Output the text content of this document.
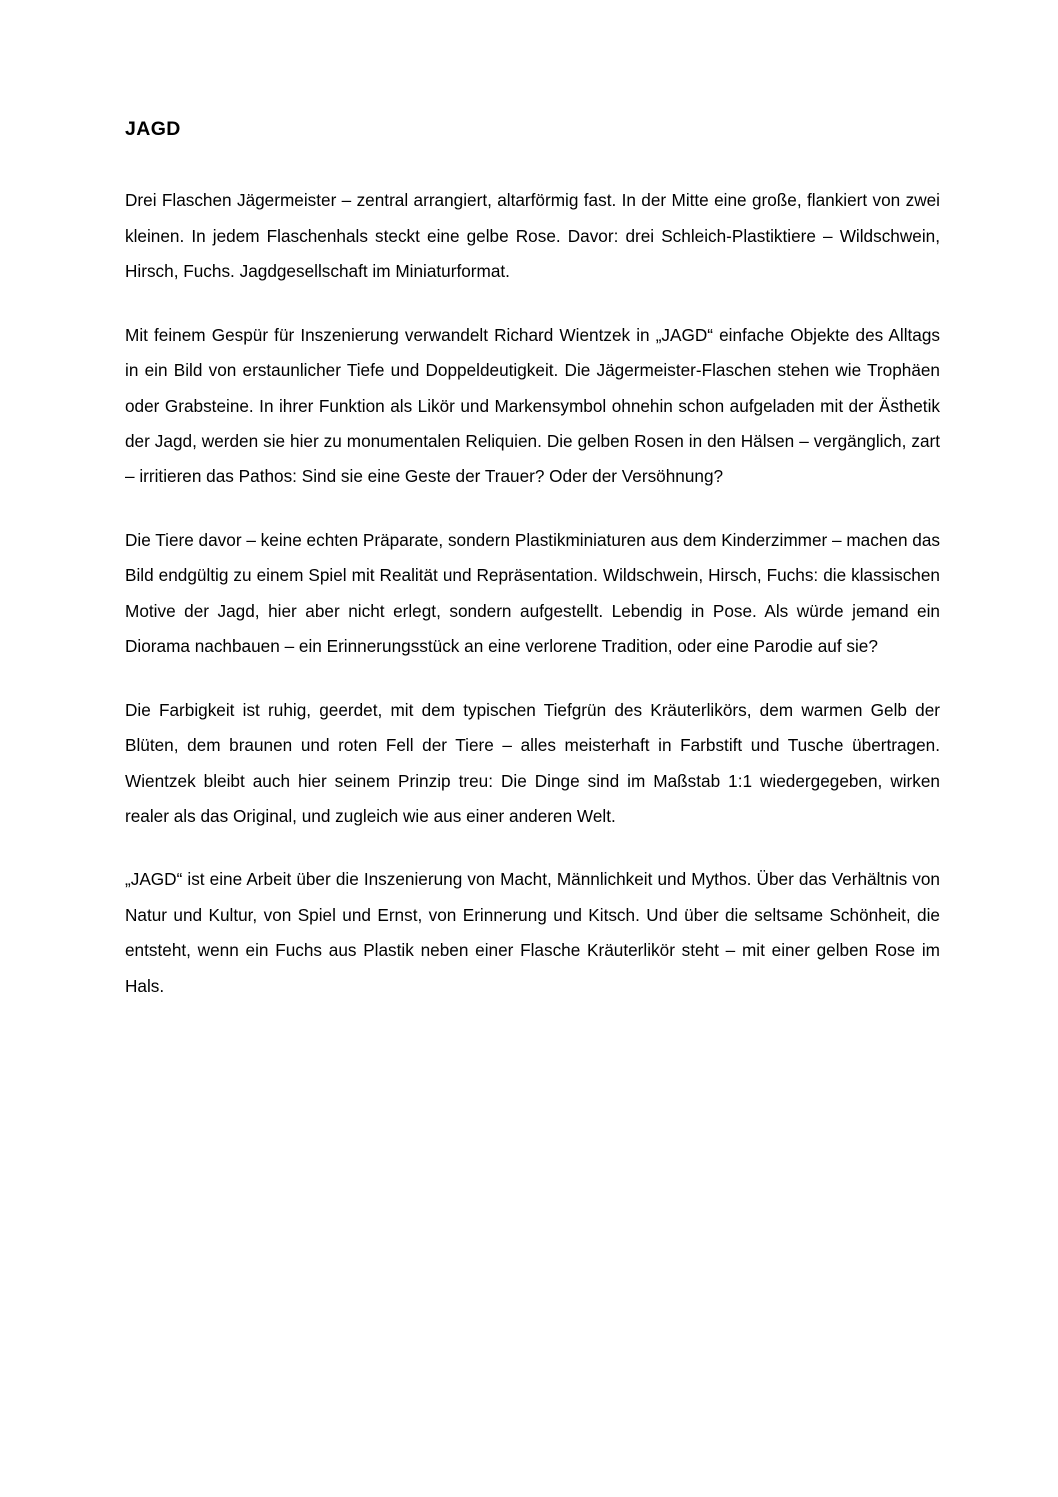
JAGD

Drei Flaschen Jägermeister – zentral arrangiert, altarförmig fast. In der Mitte eine große, flankiert von zwei kleinen. In jedem Flaschenhals steckt eine gelbe Rose. Davor: drei Schleich-Plastiktiere – Wildschwein, Hirsch, Fuchs. Jagdgesellschaft im Miniaturformat.

Mit feinem Gespür für Inszenierung verwandelt Richard Wientzek in „JAGD“ einfache Objekte des Alltags in ein Bild von erstaunlicher Tiefe und Doppeldeutigkeit. Die Jägermeister-Flaschen stehen wie Trophäen oder Grabsteine. In ihrer Funktion als Likör und Markensymbol ohnehin schon aufgeladen mit der Ästhetik der Jagd, werden sie hier zu monumentalen Reliquien. Die gelben Rosen in den Hälsen – vergänglich, zart – irritieren das Pathos: Sind sie eine Geste der Trauer? Oder der Versöhnung?

Die Tiere davor – keine echten Präparate, sondern Plastikminiaturen aus dem Kinderzimmer – machen das Bild endgültig zu einem Spiel mit Realität und Repräsentation. Wildschwein, Hirsch, Fuchs: die klassischen Motive der Jagd, hier aber nicht erlegt, sondern aufgestellt. Lebendig in Pose. Als würde jemand ein Diorama nachbauen – ein Erinnerungsstück an eine verlorene Tradition, oder eine Parodie auf sie?

Die Farbigkeit ist ruhig, geerdet, mit dem typischen Tiefgrün des Kräuterlikörs, dem warmen Gelb der Blüten, dem braunen und roten Fell der Tiere – alles meisterhaft in Farbstift und Tusche übertragen. Wientzek bleibt auch hier seinem Prinzip treu: Die Dinge sind im Maßstab 1:1 wiedergegeben, wirken realer als das Original, und zugleich wie aus einer anderen Welt.

„JAGD“ ist eine Arbeit über die Inszenierung von Macht, Männlichkeit und Mythos. Über das Verhältnis von Natur und Kultur, von Spiel und Ernst, von Erinnerung und Kitsch. Und über die seltsame Schönheit, die entsteht, wenn ein Fuchs aus Plastik neben einer Flasche Kräuterlikör steht – mit einer gelben Rose im Hals.
